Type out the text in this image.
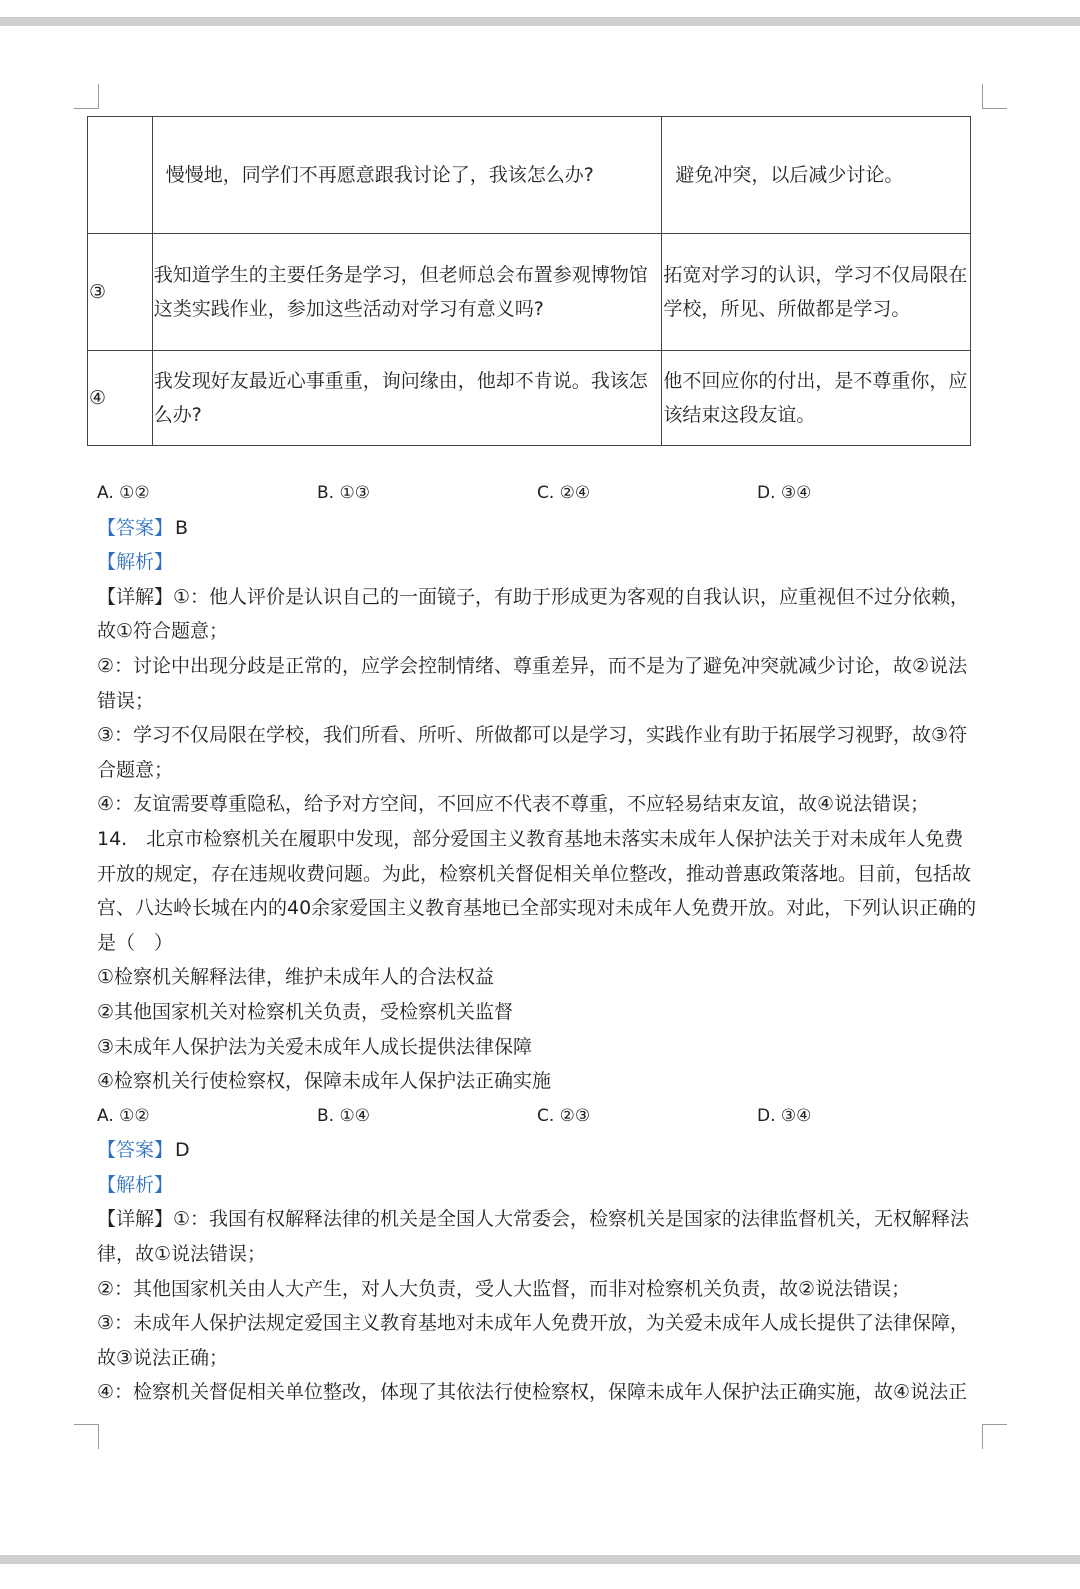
	慢慢地，同学们不再愿意跟我讨论了，我该怎么办?	避免冲突，以后减少讨论。
③	我知道学生的主要任务是学习，但老师总会布置参观博物馆这类实践作业，参加这些活动对学习有意义吗?	拓宽对学习的认识，学习不仅局限在学校，所见、所做都是学习。
④	我发现好友最近心事重重，询问缘由，他却不肯说。我该怎么办?	他不回应你的付出，是不尊重你，应该结束这段友谊。
A. ①②	B. ①③	C. ②④	D. ③④

【答案】 B

【解析】

【详解】①：他人评价是认识自己的一面镜子，有助于形成更为客观的自我认识，应重视但不过分依赖，故①符合题意；

②：讨论中出现分歧是正常的，应学会控制情绪、尊重差异，而不是为了避免冲突就减少讨论，故②说法错误；

③：学习不仅局限在学校，我们所看、所听、所做都可以是学习，实践作业有助于拓展学习视野，故③符合题意；

④：友谊需要尊重隐私，给予对方空间，不回应不代表不尊重，不应轻易结束友谊，故④说法错误；

14.　北京市检察机关在履职中发现，部分爱国主义教育基地未落实未成年人保护法关于对未成年人免费开放的规定，存在违规收费问题。为此，检察机关督促相关单位整改，推动普惠政策落地。目前，包括故宫、八达岭长城在内的40余家爱国主义教育基地已全部实现对未成年人免费开放。对此，下列认识正确的是（　）

①检察机关解释法律，维护未成年人的合法权益

②其他国家机关对检察机关负责，受检察机关监督

③未成年人保护法为关爱未成年人成长提供法律保障

④检察机关行使检察权，保障未成年人保护法正确实施

A. ①②	B. ①④	C. ②③	D. ③④

【答案】 D

【解析】

【详解】①：我国有权解释法律的机关是全国人大常委会，检察机关是国家的法律监督机关，无权解释法律，故①说法错误；

②：其他国家机关由人大产生，对人大负责，受人大监督，而非对检察机关负责，故②说法错误；

③：未成年人保护法规定爱国主义教育基地对未成年人免费开放，为关爱未成年人成长提供了法律保障，故③说法正确；

④：检察机关督促相关单位整改，体现了其依法行使检察权，保障未成年人保护法正确实施，故④说法正
